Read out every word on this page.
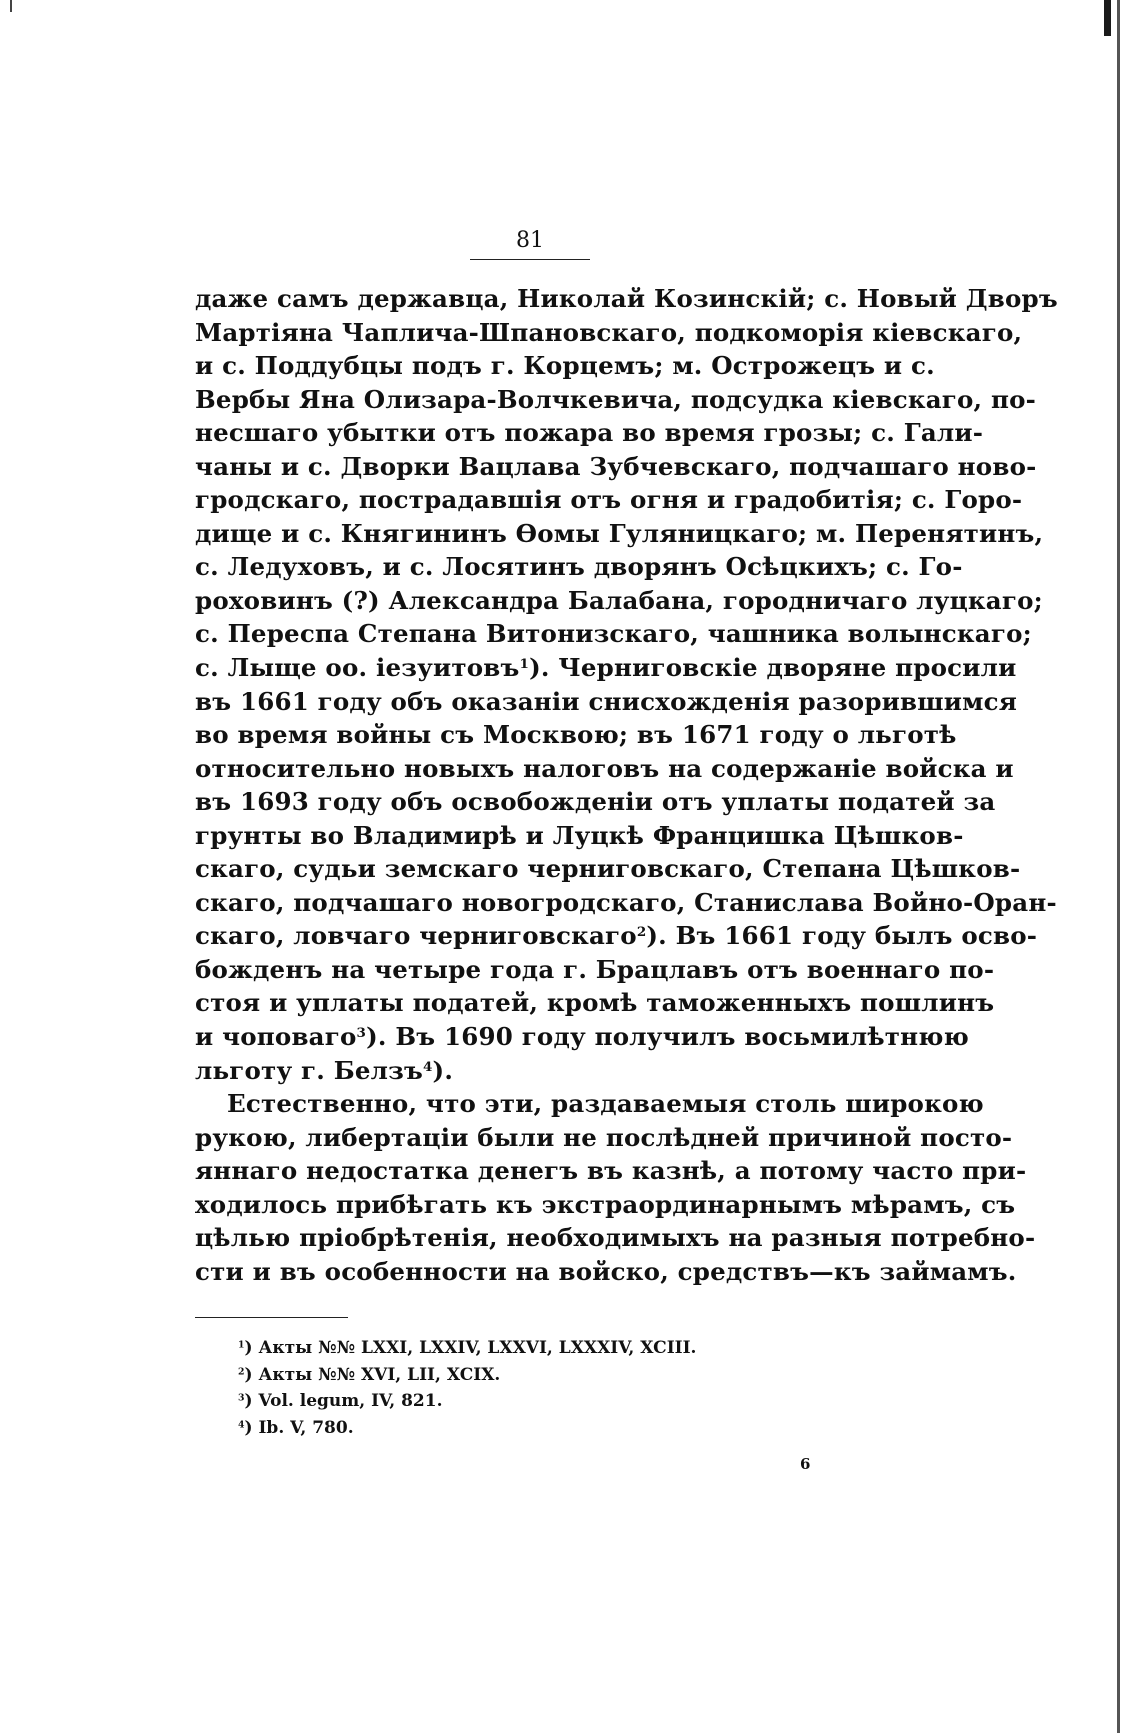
81
даже самъ державца, Николай Козинскій; с. Новый Дворъ
Мартіяна Чаплича-Шпановскаго, подкоморія кіевскаго,
и с. Поддубцы подъ г. Корцемъ; м. Острожецъ и с.
Вербы Яна Олизара-Волчкевича, подсудка кіевскаго, по-
несшаго убытки отъ пожара во время грозы; с. Гали-
чаны и с. Дворки Вацлава Зубчевскаго, подчашаго ново-
гродскаго, пострадавшія отъ огня и градобитія; с. Горо-
дище и с. Княгининъ Ѳомы Гуляницкаго; м. Перенятинъ,
с. Ледуховъ, и с. Лосятинъ дворянъ Осѣцкихъ; с. Го-
роховинъ (?) Александра Балабана, городничаго луцкаго;
с. Переспа Степана Витонизскаго, чашника волынскаго;
с. Лыще оо. іезуитовъ$^1$). Черниговскіе дворяне просили
въ 1661 году объ оказаніи снисхожденія разорившимся
во время войны съ Москвою; въ 1671 году о льготѣ
относительно новыхъ налоговъ на содержаніе войска и
въ 1693 году объ освобожденіи отъ уплаты податей за
грунты во Владимирѣ и Луцкѣ Францишка Цѣшков-
скаго, судьи земскаго черниговскаго, Степана Цѣшков-
скаго, подчашаго новогродскаго, Станислава Войно-Оран-
скаго, ловчаго черниговскаго$^2$). Въ 1661 году былъ осво-
божденъ на четыре года г. Брацлавъ отъ военнаго по-
стоя и уплаты податей, кромѣ таможенныхъ пошлинъ
и чоповаго$^3$). Въ 1690 году получилъ восьмилѣтнюю
льготу г. Белзъ$^4$).
Естественно, что эти, раздаваемыя столь широкою
рукою, либертаціи были не послѣдней причиной посто-
яннаго недостатка денегъ въ казнѣ, а потому часто при-
ходилось прибѣгать къ экстраординарнымъ мѣрамъ, съ
цѣлью пріобрѣтенія, необходимыхъ на разныя потребно-
сти и въ особенности на войско, средствъ—къ займамъ.
$^1$) Акты №№ LXXI, LXXIV, LXXVI, LXXXIV, XCIII.
$^2$) Акты №№ XVI, LII, XCIX.
$^3$) Vol. legum, IV, 821.
$^4$) Ib. V, 780.
6
